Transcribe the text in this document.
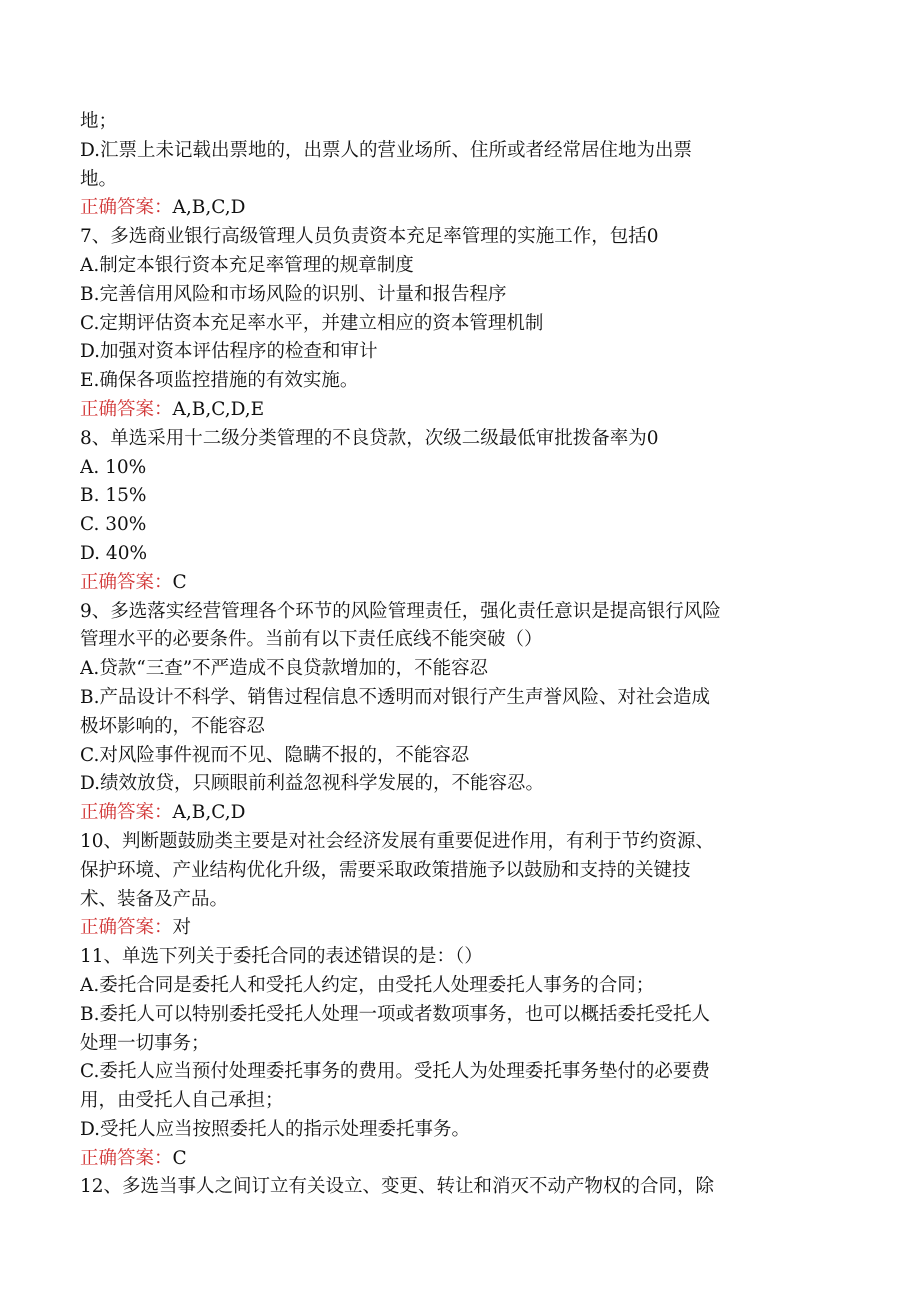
地；
D.汇票上未记载出票地的，出票人的营业场所、住所或者经常居住地为出票
地。
正确答案：A,B,C,D
7、多选商业银行高级管理人员负责资本充足率管理的实施工作，包括0
A.制定本银行资本充足率管理的规章制度
B.完善信用风险和市场风险的识别、计量和报告程序
C.定期评估资本充足率水平，并建立相应的资本管理机制
D.加强对资本评估程序的检查和审计
E.确保各项监控措施的有效实施。
正确答案：A,B,C,D,E
8、单选采用十二级分类管理的不良贷款，次级二级最低审批拨备率为0
A. 10%
B. 15%
C. 30%
D. 40%
正确答案：C
9、多选落实经营管理各个环节的风险管理责任，强化责任意识是提高银行风险
管理水平的必要条件。当前有以下责任底线不能突破（）
A.贷款“三查”不严造成不良贷款增加的，不能容忍
B.产品设计不科学、销售过程信息不透明而对银行产生声誉风险、对社会造成
极坏影响的，不能容忍
C.对风险事件视而不见、隐瞒不报的，不能容忍
D.绩效放贷，只顾眼前利益忽视科学发展的，不能容忍。
正确答案：A,B,C,D
10、判断题鼓励类主要是对社会经济发展有重要促进作用，有利于节约资源、
保护环境、产业结构优化升级，需要采取政策措施予以鼓励和支持的关键技
术、装备及产品。
正确答案：对
11、单选下列关于委托合同的表述错误的是：（）
A.委托合同是委托人和受托人约定，由受托人处理委托人事务的合同；
B.委托人可以特别委托受托人处理一项或者数项事务，也可以概括委托受托人
处理一切事务；
C.委托人应当预付处理委托事务的费用。受托人为处理委托事务垫付的必要费
用，由受托人自己承担；
D.受托人应当按照委托人的指示处理委托事务。
正确答案：C
12、多选当事人之间订立有关设立、变更、转让和消灭不动产物权的合同，除
